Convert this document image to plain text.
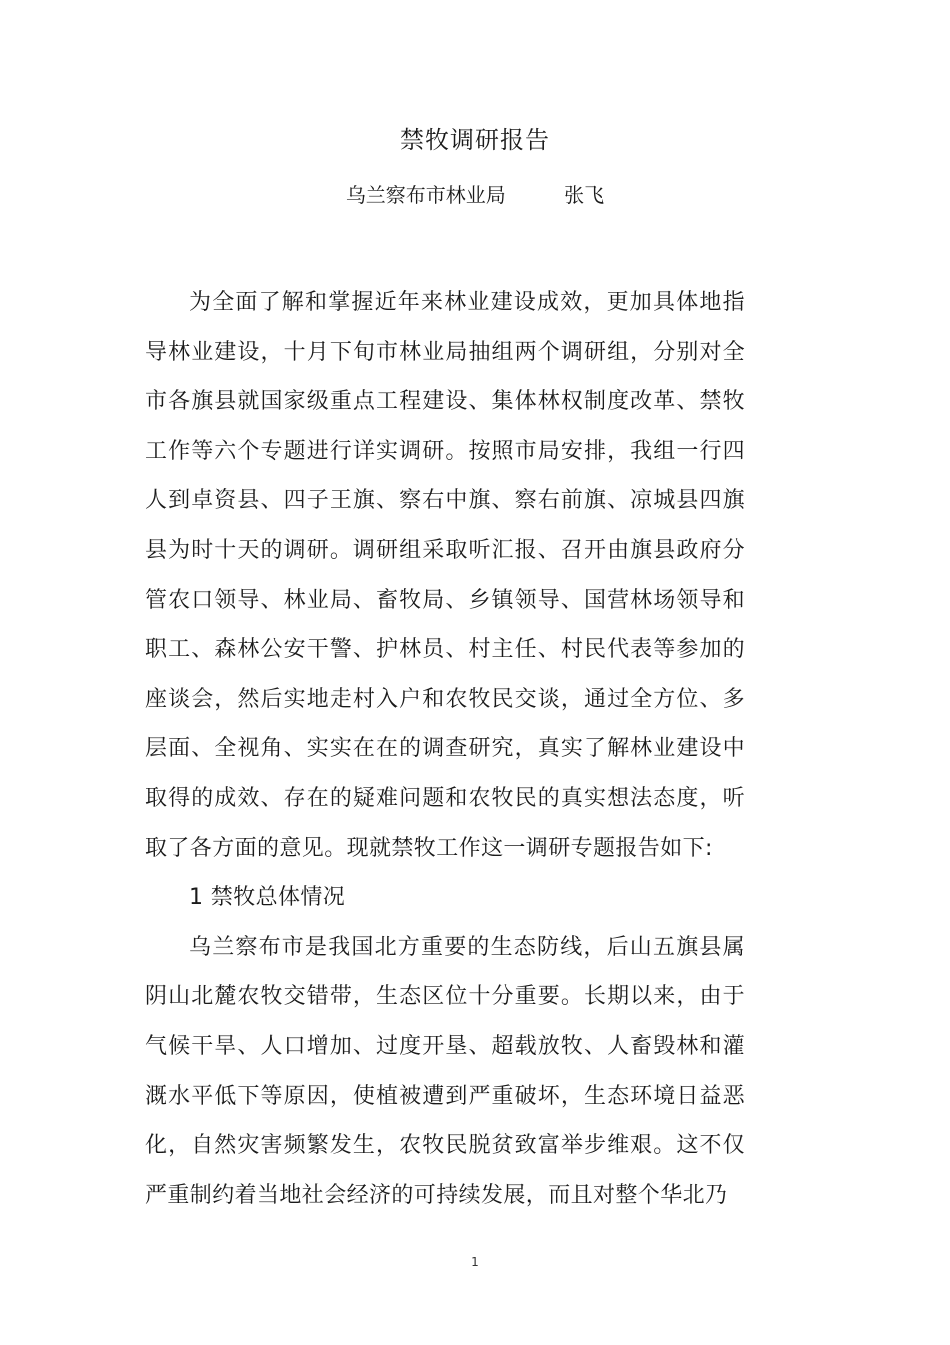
禁牧调研报告
乌兰察布市林业局	张飞

为全面了解和掌握近年来林业建设成效，更加具体地指导林业建设，十月下旬市林业局抽组两个调研组，分别对全市各旗县就国家级重点工程建设、集体林权制度改革、禁牧工作等六个专题进行详实调研。按照市局安排，我组一行四人到卓资县、四子王旗、察右中旗、察右前旗、凉城县四旗县为时十天的调研。调研组采取听汇报、召开由旗县政府分管农口领导、林业局、畜牧局、乡镇领导、国营林场领导和职工、森林公安干警、护林员、村主任、村民代表等参加的座谈会，然后实地走村入户和农牧民交谈，通过全方位、多层面、全视角、实实在在的调查研究，真实了解林业建设中取得的成效、存在的疑难问题和农牧民的真实想法态度，听取了各方面的意见。现就禁牧工作这一调研专题报告如下:

1 禁牧总体情况

乌兰察布市是我国北方重要的生态防线，后山五旗县属阴山北麓农牧交错带，生态区位十分重要。长期以来，由于气候干旱、人口增加、过度开垦、超载放牧、人畜毁林和灌溉水平低下等原因，使植被遭到严重破坏，生态环境日益恶化，自然灾害频繁发生，农牧民脱贫致富举步维艰。这不仅严重制约着当地社会经济的可持续发展，而且对整个华北乃

1
